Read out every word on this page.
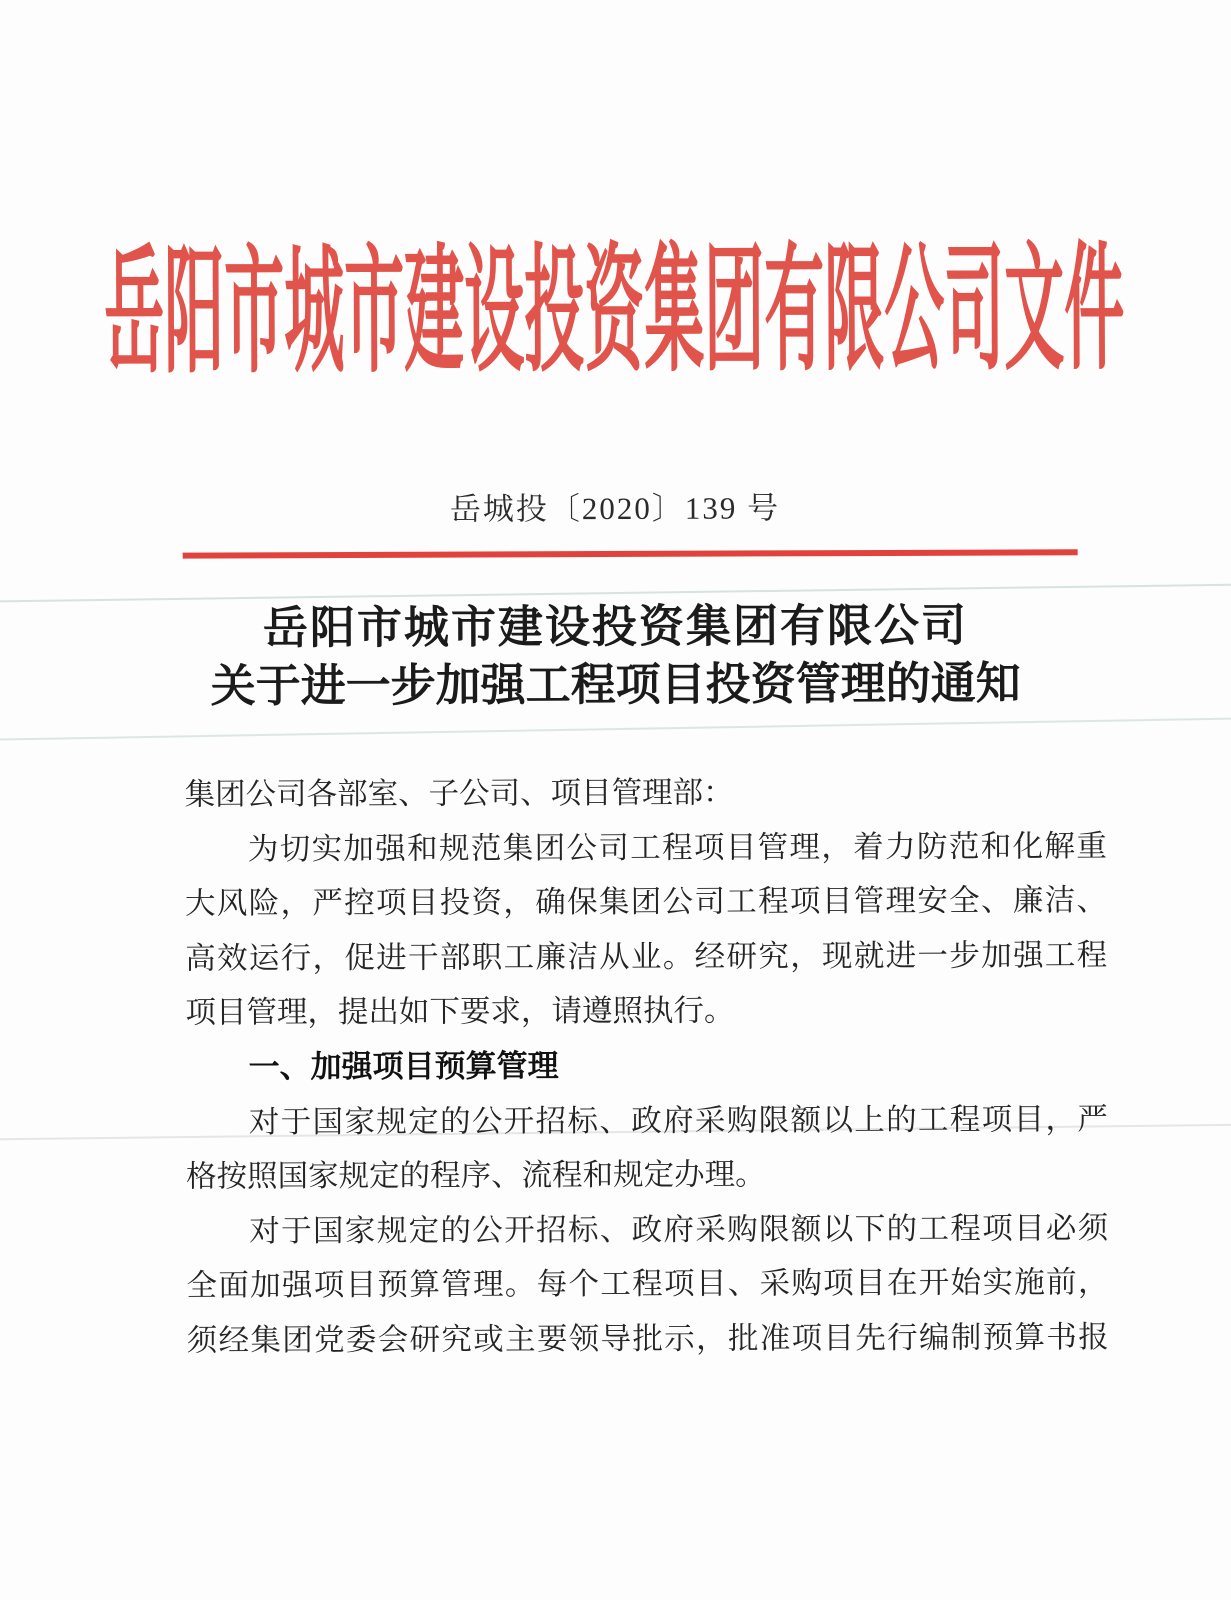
岳阳市城市建设投资集团有限公司文件
岳城投〔2020〕139 号
岳阳市城市建设投资集团有限公司
关于进一步加强工程项目投资管理的通知
集团公司各部室、子公司、项目管理部：
为切实加强和规范集团公司工程项目管理，着力防范和化解重
大风险，严控项目投资，确保集团公司工程项目管理安全、廉洁、
高效运行，促进干部职工廉洁从业。经研究，现就进一步加强工程
项目管理，提出如下要求，请遵照执行。
一、加强项目预算管理
对于国家规定的公开招标、政府采购限额以上的工程项目，严
格按照国家规定的程序、流程和规定办理。
对于国家规定的公开招标、政府采购限额以下的工程项目必须
全面加强项目预算管理。每个工程项目、采购项目在开始实施前，
须经集团党委会研究或主要领导批示，批准项目先行编制预算书报
